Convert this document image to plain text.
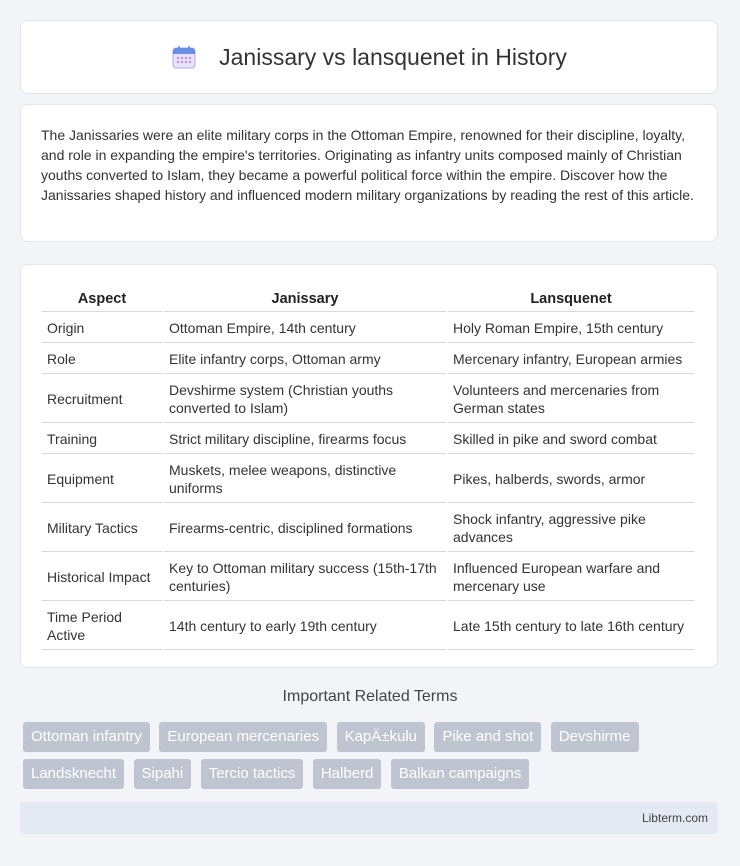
Janissary vs lansquenet in History

The Janissaries were an elite military corps in the Ottoman Empire, renowned for their discipline, loyalty, and role in expanding the empire's territories. Originating as infantry units composed mainly of Christian youths converted to Islam, they became a powerful political force within the empire. Discover how the Janissaries shaped history and influenced modern military organizations by reading the rest of this article.

Aspect	Janissary	Lansquenet
Origin	Ottoman Empire, 14th century	Holy Roman Empire, 15th century
Role	Elite infantry corps, Ottoman army	Mercenary infantry, European armies
Recruitment	Devshirme system (Christian youths converted to Islam)	Volunteers and mercenaries from German states
Training	Strict military discipline, firearms focus	Skilled in pike and sword combat
Equipment	Muskets, melee weapons, distinctive uniforms	Pikes, halberds, swords, armor
Military Tactics	Firearms-centric, disciplined formations	Shock infantry, aggressive pike advances
Historical Impact	Key to Ottoman military success (15th-17th centuries)	Influenced European warfare and mercenary use
Time Period Active	14th century to early 19th century	Late 15th century to late 16th century
Important Related Terms
Ottoman infantry European mercenaries KapÄ±kulu Pike and shot Devshirme Landsknecht Sipahi Tercio tactics Halberd Balkan campaigns
Libterm.com
